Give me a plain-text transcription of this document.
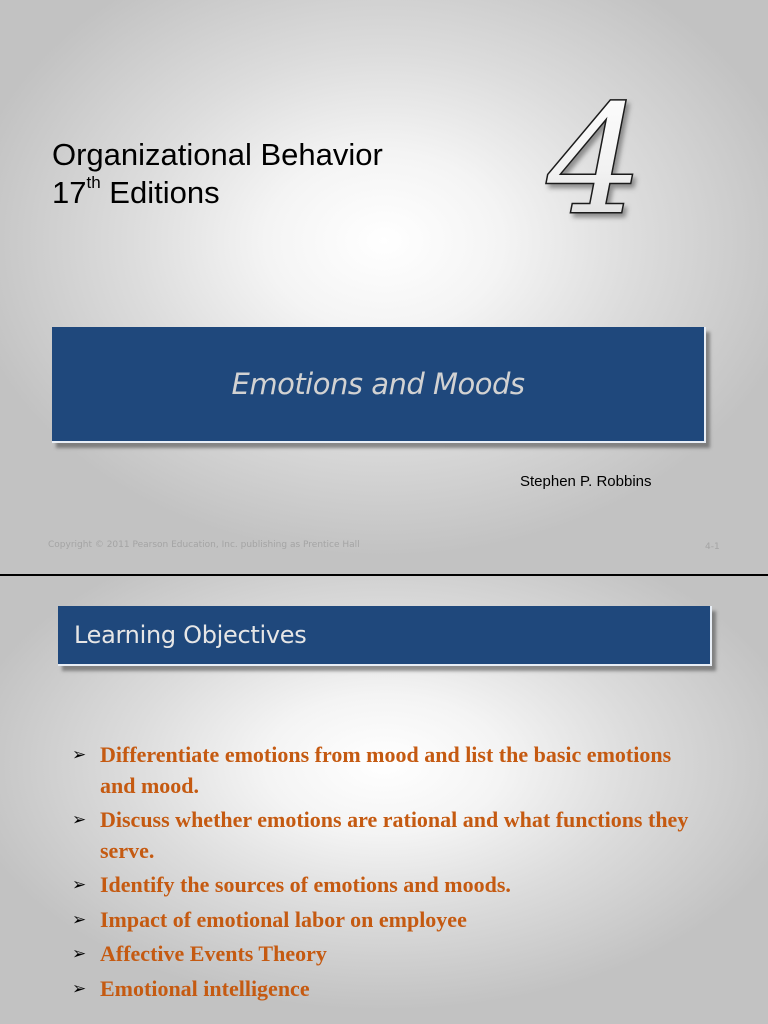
Organizational Behavior
17th Editions	4
Emotions and Moods
Stephen P. Robbins
Copyright © 2011 Pearson Education, Inc. publishing as Prentice Hall	4-1
Learning Objectives
➢ Differentiate emotions from mood and list the basic emotions and mood.
➢ Discuss whether emotions are rational and what functions they serve.
➢ Identify the sources of emotions and moods.
➢ Impact of emotional labor on employee
➢ Affective Events Theory
➢ Emotional intelligence
